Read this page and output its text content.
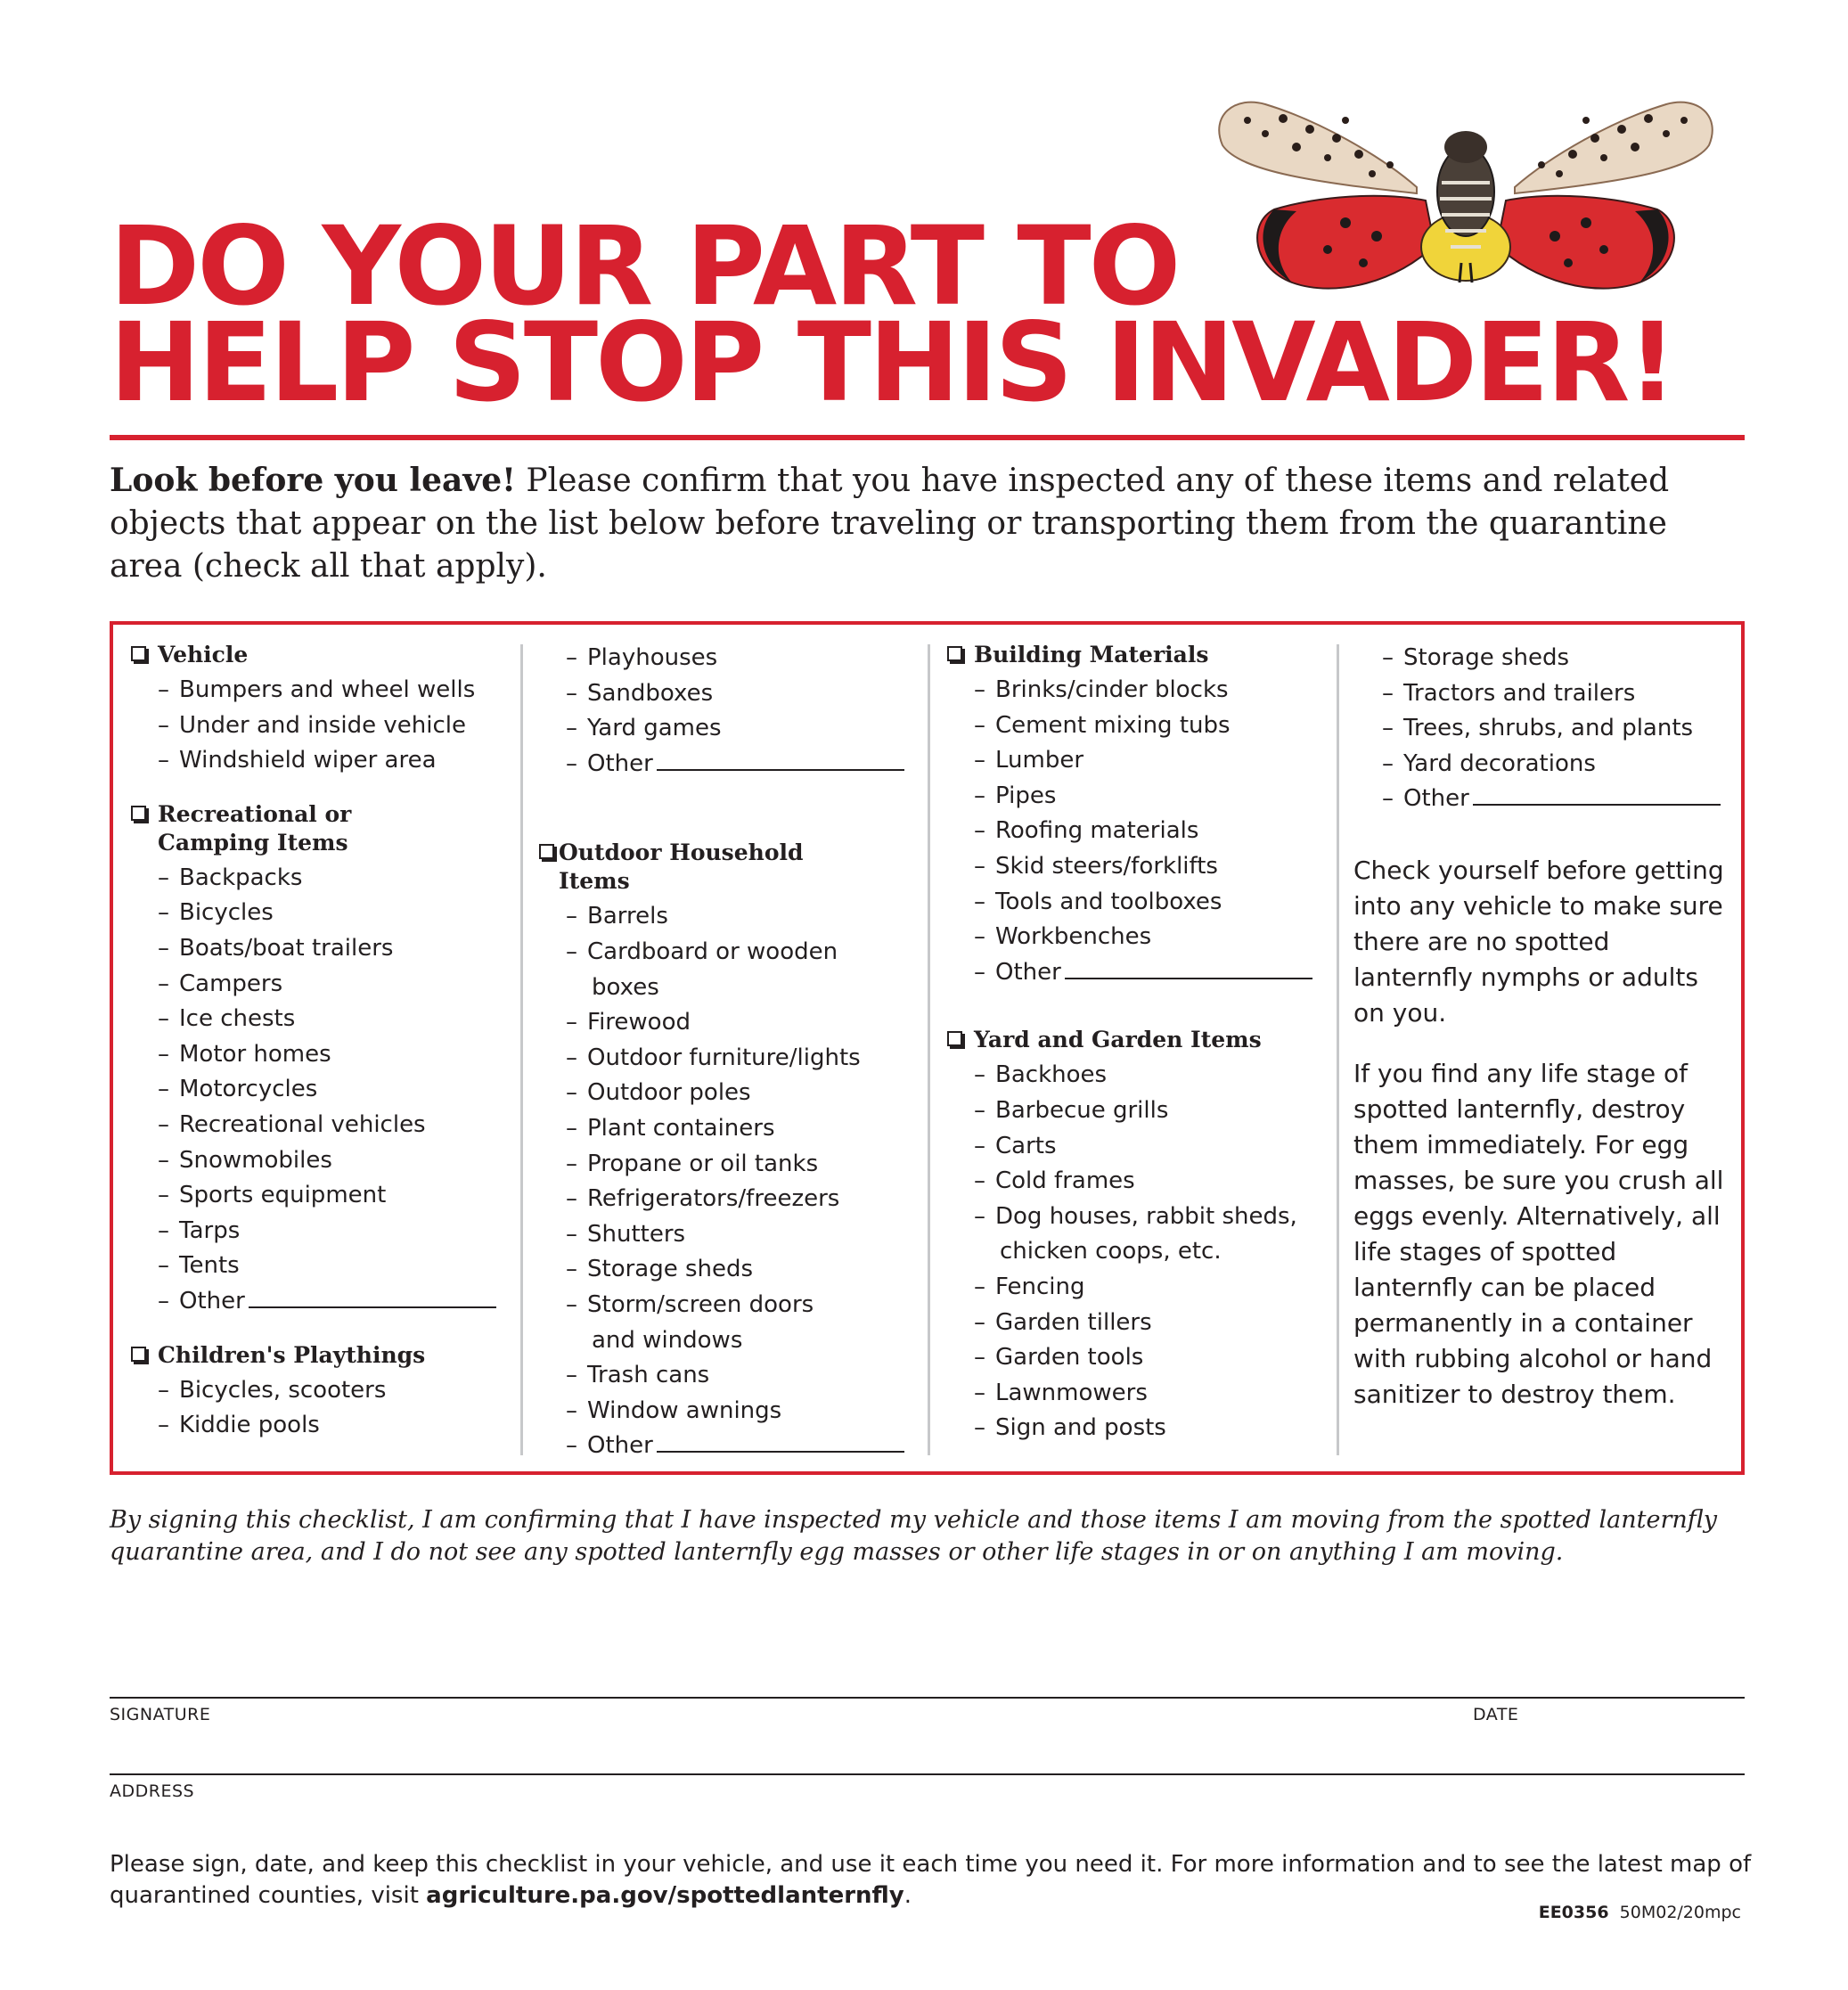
DO YOUR PART TO
HELP STOP THIS INVADER!

Look before you leave! Please confirm that you have inspected any of these items and related objects that appear on the list below before traveling or transporting them from the quarantine area (check all that apply).

Vehicle
– Bumpers and wheel wells
– Under and inside vehicle
– Windshield wiper area
Recreational or
Camping Items
– Backpacks
– Bicycles
– Boats/boat trailers
– Campers
– Ice chests
– Motor homes
– Motorcycles
– Recreational vehicles
– Snowmobiles
– Sports equipment
– Tarps
– Tents
– Other
Children's Playthings
– Bicycles, scooters
– Kiddie pools
– Playhouses
– Sandboxes
– Yard games
– Other
Outdoor Household
Items
– Barrels
– Cardboard or wooden
boxes
– Firewood
– Outdoor furniture/lights
– Outdoor poles
– Plant containers
– Propane or oil tanks
– Refrigerators/freezers
– Shutters
– Storage sheds
– Storm/screen doors
and windows
– Trash cans
– Window awnings
– Other
Building Materials
– Brinks/cinder blocks
– Cement mixing tubs
– Lumber
– Pipes
– Roofing materials
– Skid steers/forklifts
– Tools and toolboxes
– Workbenches
– Other
Yard and Garden Items
– Backhoes
– Barbecue grills
– Carts
– Cold frames
– Dog houses, rabbit sheds,
chicken coops, etc.
– Fencing
– Garden tillers
– Garden tools
– Lawnmowers
– Sign and posts
– Storage sheds
– Tractors and trailers
– Trees, shrubs, and plants
– Yard decorations
– Other

Check yourself before getting into any vehicle to make sure there are no spotted lanternfly nymphs or adults on you.

If you find any life stage of spotted lanternfly, destroy them immediately. For egg masses, be sure you crush all eggs evenly. Alternatively, all life stages of spotted lanternfly can be placed permanently in a container with rubbing alcohol or hand sanitizer to destroy them.

By signing this checklist, I am confirming that I have inspected my vehicle and those items I am moving from the spotted lanternfly quarantine area, and I do not see any spotted lanternfly egg masses or other life stages in or on anything I am moving.

SIGNATURE	DATE
ADDRESS

Please sign, date, and keep this checklist in your vehicle, and use it each time you need it. For more information and to see the latest map of quarantined counties, visit agriculture.pa.gov/spottedlanternfly.

EE0356 50M02/20mpc
